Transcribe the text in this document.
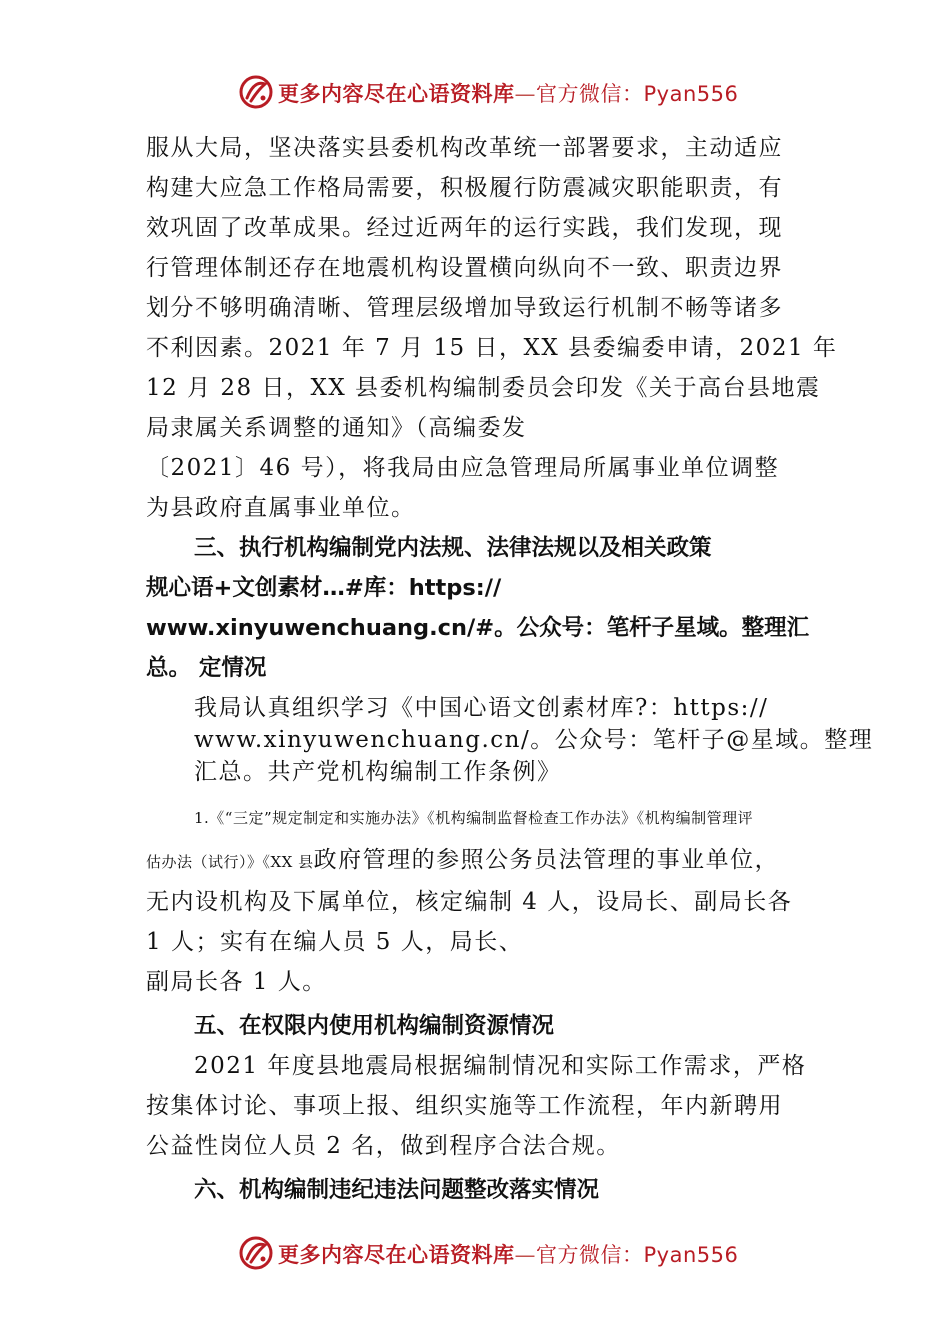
更多内容尽在心语资料库—官方微信：Pyan556

服从大局，坚决落实县委机构改革统一部署要求，主动适应

构建大应急工作格局需要，积极履行防震减灾职能职责，有

效巩固了改革成果。经过近两年的运行实践，我们发现，现

行管理体制还存在地震机构设置横向纵向不一致、职责边界

划分不够明确清晰、管理层级增加导致运行机制不畅等诸多

不利因素。2021 年 7 月 15 日，XX 县委编委申请，2021 年

12 月 28 日，XX 县委机构编制委员会印发《关于高台县地震

局隶属关系调整的通知》（高编委发

〔2021〕46 号），将我局由应急管理局所属事业单位调整

为县政府直属事业单位。

三、执行机构编制党内法规、法律法规以及相关政策

规心语+文创素材…#库：https://

www.xinyuwenchuang.cn/#。公众号：笔杆子星域。整理汇

总。 定情况

我局认真组织学习《中国心语文创素材库?：https://

www.xinyuwenchuang.cn/。公众号：笔杆子@星域。整理

汇总。共产党机构编制工作条例》

1.《“三定”规定制定和实施办法》《机构编制监督检查工作办法》《机构编制管理评

估办法（试行）》《XX 县政府管理的参照公务员法管理的事业单位，

无内设机构及下属单位，核定编制 4 人，设局长、副局长各

1 人；实有在编人员 5 人，局长、

副局长各 1 人。

五、在权限内使用机构编制资源情况

2021 年度县地震局根据编制情况和实际工作需求，严格

按集体讨论、事项上报、组织实施等工作流程，年内新聘用

公益性岗位人员 2 名，做到程序合法合规。

六、机构编制违纪违法问题整改落实情况

更多内容尽在心语资料库—官方微信：Pyan556
